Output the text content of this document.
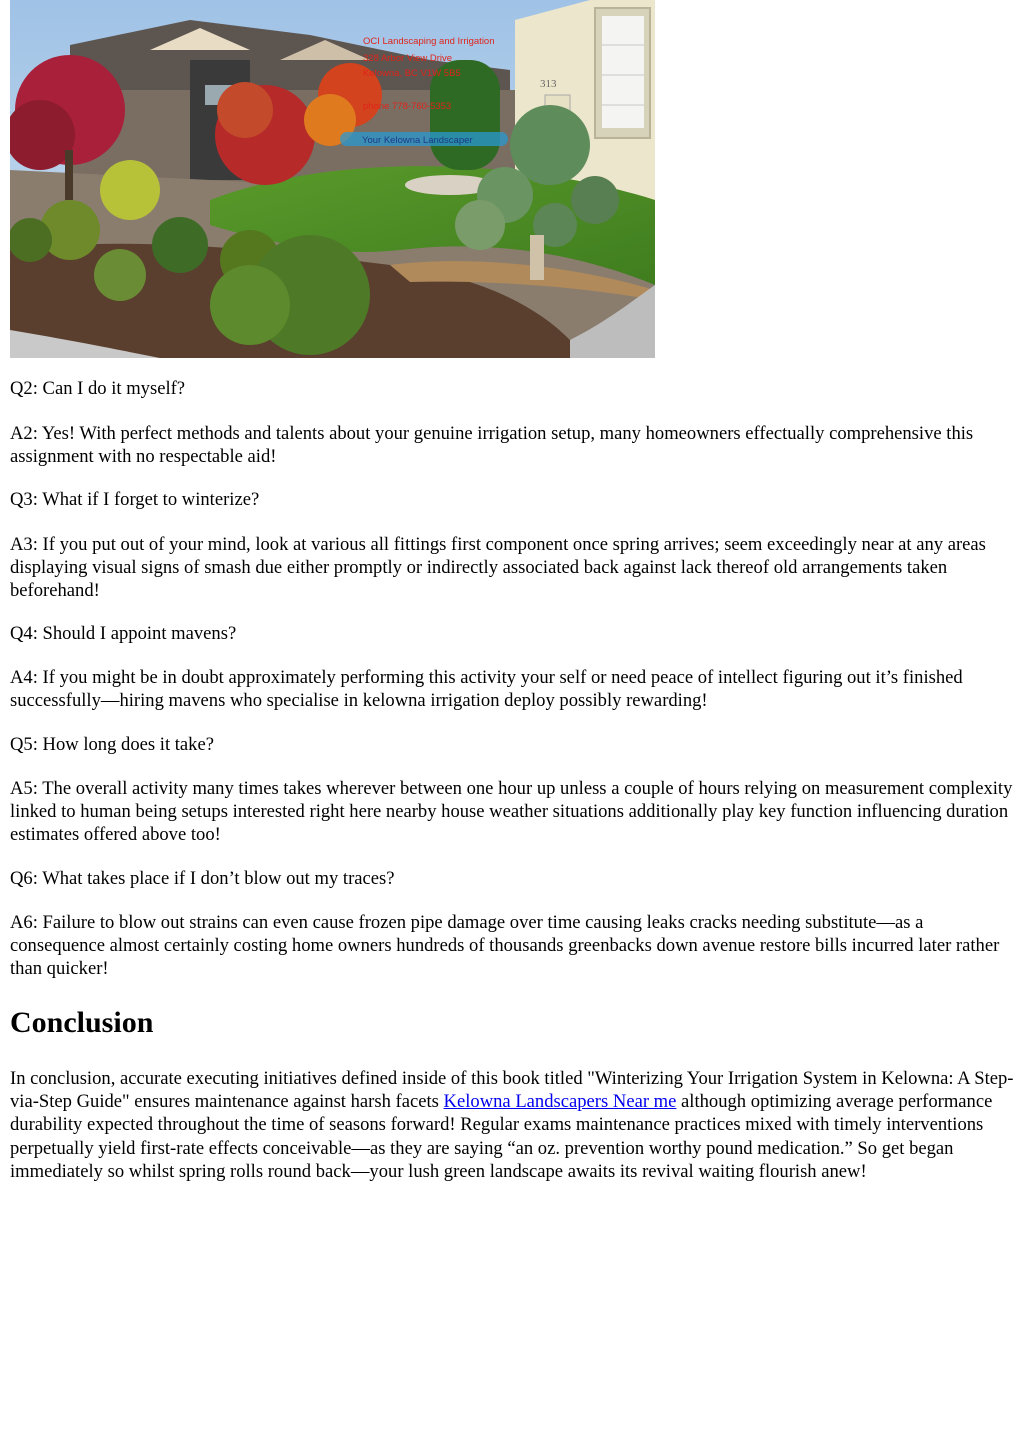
313
OCI Landscaping and Irrigation
328 Arbor View Drive
Kelowna, BC V1W 5B5
phone 778-760-5353
Your Kelowna Landscaper

Q2: Can I do it myself?

A2: Yes! With perfect methods and talents about your genuine irrigation setup, many homeowners effectually comprehensive this assignment with no respectable aid!

Q3: What if I forget to winterize?

A3: If you put out of your mind, look at various all fittings first component once spring arrives; seem exceedingly near at any areas displaying visual signs of smash due either promptly or indirectly associated back against lack thereof old arrangements taken beforehand!

Q4: Should I appoint mavens?

A4: If you might be in doubt approximately performing this activity your self or need peace of intellect figuring out it’s finished successfully—hiring mavens who specialise in kelowna irrigation deploy possibly rewarding!

Q5: How long does it take?

A5: The overall activity many times takes wherever between one hour up unless a couple of hours relying on measurement complexity linked to human being setups interested right here nearby house weather situations additionally play key function influencing duration estimates offered above too!

Q6: What takes place if I don’t blow out my traces?

A6: Failure to blow out strains can even cause frozen pipe damage over time causing leaks cracks needing substitute—as a consequence almost certainly costing home owners hundreds of thousands greenbacks down avenue restore bills incurred later rather than quicker!

Conclusion

In conclusion, accurate executing initiatives defined inside of this book titled "Winterizing Your Irrigation System in Kelowna: A Step-via-Step Guide" ensures maintenance against harsh facets Kelowna Landscapers Near me although optimizing average performance durability expected throughout the time of seasons forward! Regular exams maintenance practices mixed with timely interventions perpetually yield first-rate effects conceivable—as they are saying “an oz. prevention worthy pound medication.” So get began immediately so whilst spring rolls round back—your lush green landscape awaits its revival waiting flourish anew!
